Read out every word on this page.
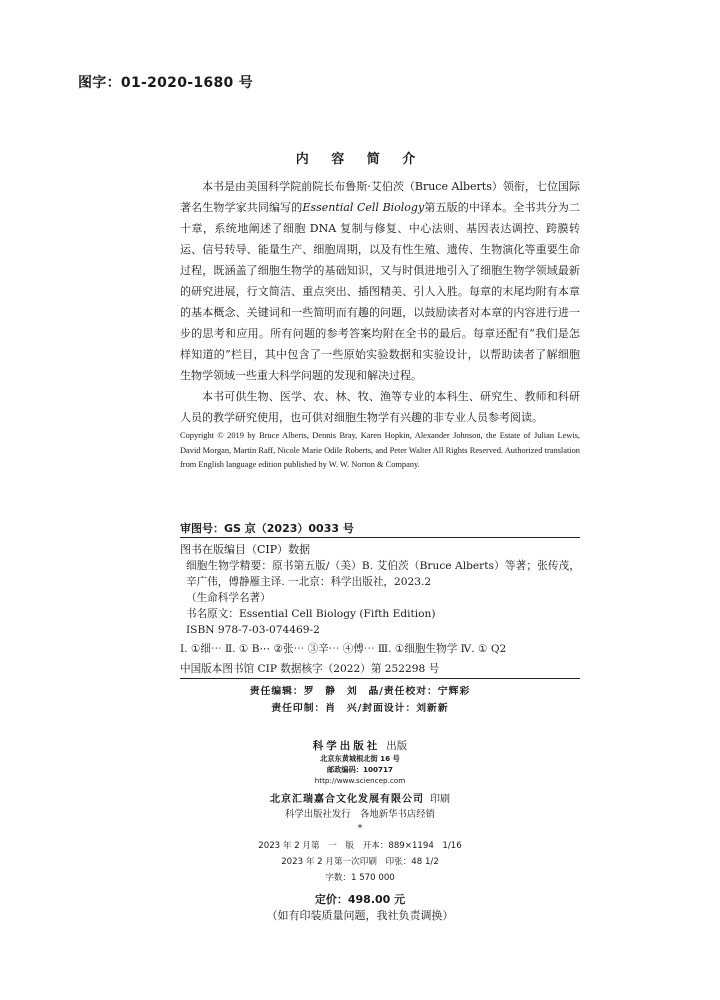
图字：01-2020-1680 号
内 容 简 介

本书是由美国科学院前院长布鲁斯·艾伯茨（Bruce Alberts）领衔，七位国际著名生物学家共同编写的Essential Cell Biology第五版的中译本。全书共分为二十章，系统地阐述了细胞 DNA 复制与修复、中心法则、基因表达调控、跨膜转运、信号转导、能量生产、细胞周期，以及有性生殖、遗传、生物演化等重要生命过程，既涵盖了细胞生物学的基础知识，又与时俱进地引入了细胞生物学领域最新的研究进展，行文简洁、重点突出、插图精美、引人入胜。每章的末尾均附有本章的基本概念、关键词和一些简明而有趣的问题，以鼓励读者对本章的内容进行进一步的思考和应用。所有问题的参考答案均附在全书的最后。每章还配有“我们是怎样知道的”栏目，其中包含了一些原始实验数据和实验设计，以帮助读者了解细胞生物学领域一些重大科学问题的发现和解决过程。

本书可供生物、医学、农、林、牧、渔等专业的本科生、研究生、教师和科研人员的教学研究使用，也可供对细胞生物学有兴趣的非专业人员参考阅读。

Copyright © 2019 by Bruce Alberts, Dennis Bray, Karen Hopkin, Alexander Johnson, the Estate of Julian Lewis, David Morgan, Martin Raff, Nicole Marie Odile Roberts, and Peter Walter All Rights Reserved. Authorized translation from English language edition published by W. W. Norton & Company.
审图号：GS 京（2023）0033 号
图书在版编目（CIP）数据
细胞生物学精要：原书第五版/（美）B. 艾伯茨（Bruce Alberts）等著；张传茂，辛广伟，傅静雁主译. 一北京：科学出版社，2023.2
（生命科学名著）
书名原文：Essential Cell Biology (Fifth Edition)
ISBN 978-7-03-074469-2
Ⅰ. ①细⋯ Ⅱ. ① B⋯ ②张⋯ ③辛⋯ ④傅⋯ Ⅲ. ①细胞生物学 Ⅳ. ① Q2
中国版本图书馆 CIP 数据核字（2022）第 252298 号
责任编辑：罗　静　刘　晶/责任校对：宁辉彩
责任印制：肖　兴/封面设计：刘新新
科学出版社 出版
北京东黄城根北街 16 号
邮政编码：100717
http://www.sciencep.com
北京汇瑞嘉合文化发展有限公司 印刷
科学出版社发行　各地新华书店经销
*
2023 年 2 月第　一　版　开本：889×1194　1/16
2023 年 2 月第一次印刷　印张：48 1/2
字数：1 570 000
定价：498.00 元
（如有印装质量问题，我社负责调换）
